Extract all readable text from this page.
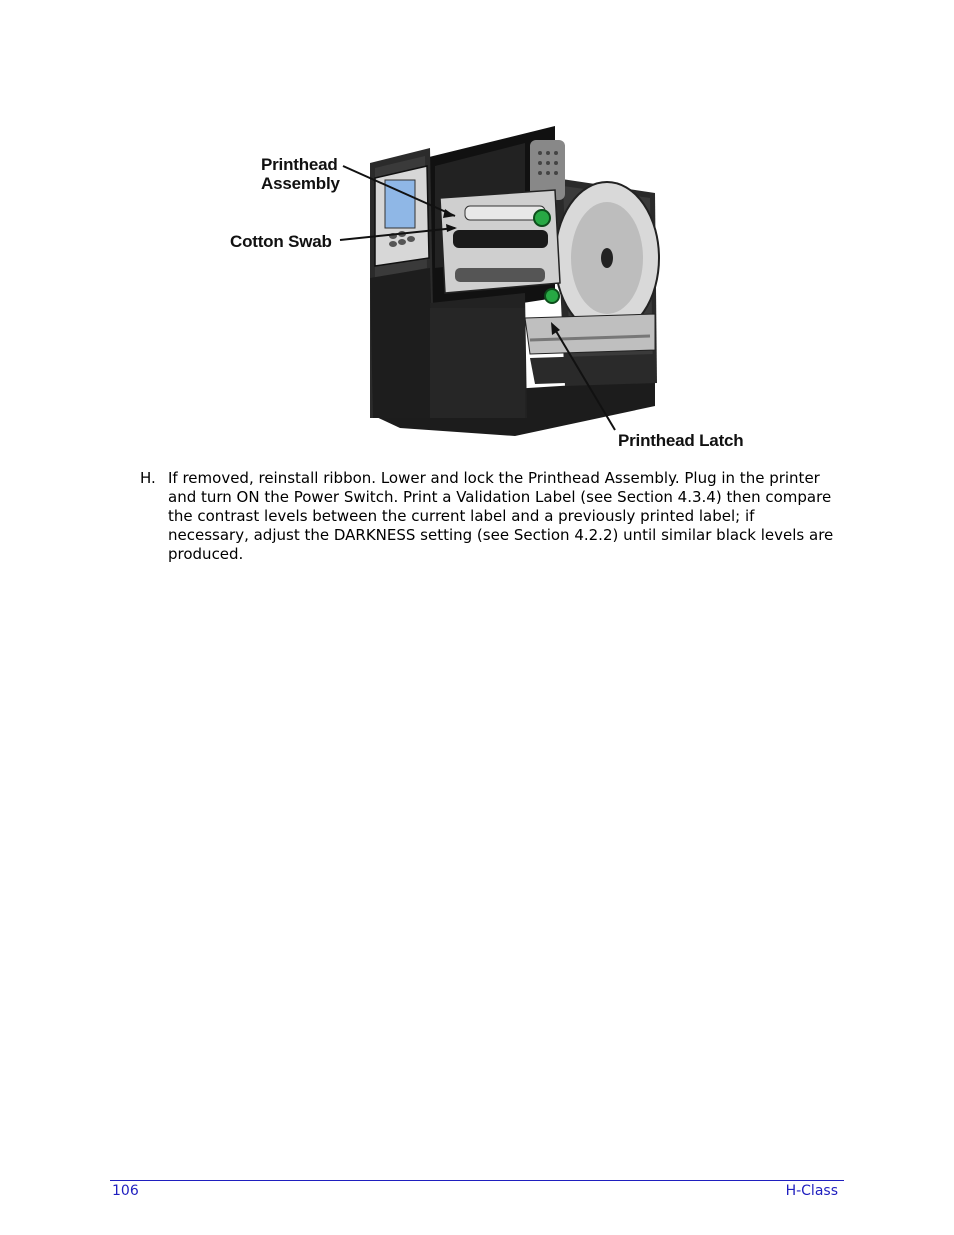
Printhead
Assembly
Cotton Swab
Printhead Latch
H. If removed, reinstall ribbon. Lower and lock the Printhead Assembly. Plug in the printer and turn ON the Power Switch. Print a Validation Label (see Section 4.3.4) then compare the contrast levels between the current label and a previously printed label; if necessary, adjust the DARKNESS setting (see Section 4.2.2) until similar black levels are produced.
106	H-Class
